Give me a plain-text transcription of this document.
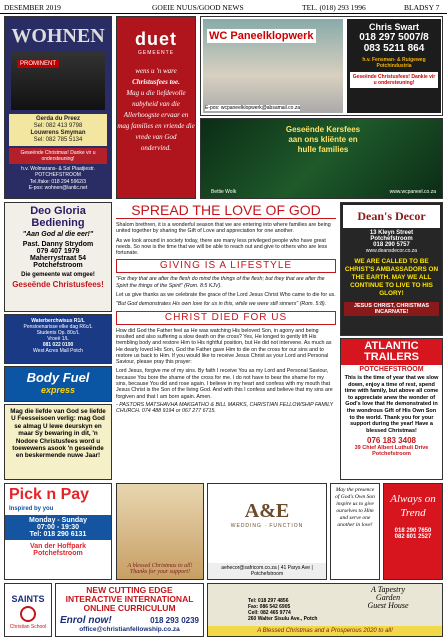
DESEMBER 2019	GOEIE NUUS/GOOD NEWS	TEL. (018) 293 1996	BLADSY 7
WOHNEN
PROMINENT
Gerda du Preez
Sel: 082 413 9798
Louwrens Smyman
Sel: 082 785 5134
Geseënde Christmas! Danke vir u ondersteuning!
h.v. Wolmarans- & Sol Plaatjiestr. POTCHEFSTROOM
Tel./fake: 018 294 5962/3
E-pos: wohnen@lantic.net
duet
GEMEENTE
wens u 'n ware
Christusfees toe.
Mag u die liefdevolle
nabyheid van die
Allerhoogste ervaar en
mag families en vriende die
vrede van God
ondervind.
WC Paneelklopwerk
E-pos: wcpaneelklopwerk@absamail.co.za
Chris Swart
018 297 5007/8
083 5211 864
h.v. Fensman- & Ruigeweg Potchindustria
Geseënde Christusfees! Dankie vir u ondersteuning!
Geseënde Kersfees aan ons kliënte en hulle families
Bettie Wolk	www.wcpaneel.co.za
Deo Gloria Bediening
"Aan God al die eer!"
Past. Danny Strydom
079 407 1979
Maherrystraat 54
Potchefstroom
Die gemeente wat omgee!
Geseënde Christusfees!
Waterberchwisus R1/L
Pensioenarisse elke dag R6c/L
Students Op. 80c/L
Vroeë 1/L
081 022 0190
West Acres Mall Potch
Body Fuel
express
Mag die liefde van God se liefde U Feesseisoen verlig: mag God se almag U lewe deurskyn en maar Sy bewaring in dit, 'n Nodore Christusfees word u toewewens asook 'n geseënde en beskermende nuwe Jaar!
SPREAD THE LOVE OF GOD

Shalom brethren, it is a wonderful season that we are entering into where families are being united together by sharing the Gift of Love and appreciation for one another.

As we look around in society today, there are many less privileged people who have great needs. So now is the time that we will be able to reach out and give to others who are less fortunate.

GIVING IS A LIFESTYLE

"For they that are after the flesh do mind the things of the flesh; but they that are after the Spirit the things of the Spirit" (Rom. 8:5 KJV).

Let us give thanks as we celebrate the grace of the Lord Jesus Christ Who came to die for us.

"But God demonstrates His own love for us in this, while we were still sinners" (Rom. 5:8).

CHRIST DIED FOR US

How did God the Father feel as He was watching His beloved Son, in agony and being insulted and also suffering a slow death on the cross? Yes, He longed to gently lift His trembling body and restore Him to His rightful position, but He did not intervene. As much as He dearly loved His Son, God the Father gave Him to die on the cross for our sins and to restore us back to Him. If you would like to receive Jesus Christ as your Lord and Personal Saviour, please pray this prayer:

Lord Jesus, forgive me of my sins. By faith I receive You as my Lord and Personal Saviour, because You bore the shame of the cross for me. I do not have to bear the shame for my sins, because You did and rose again. I believe in my heart and confess with my mouth that Jesus Christ is the Son of the living God. And with this I confess and believe that my sins are forgiven and that I am born again. Amen.

- PASTORS MATSHAVHA MAKGATHO & BILL MARKS, CHRISTIAN FELLOWSHIP FAMILY CHURCH. 074 488 9194 or 067 277 6715.

Dean's Decor
13 Kleyn Street
Potchefstroom
018 290 5757
www.deansdecor.co.za
WE ARE CALLED TO BE CHRIST'S AMBASSADORS ON THE EARTH. MAY WE ALL CONTINUE TO LIVE TO HIS GLORY!
JESUS CHRIST, CHRISTMAS INCARNATE!
ATLANTIC TRAILERS
POTCHEFSTROOM
This is the time of year that we slow down, enjoy a time of rest, spend time with family, but above all come to appreciate anew the wonder of God's love that He demonstrated in the wondrous Gift of His Own Son to the world. Thank you for your support during the year! Have a blessed Christmas!
076 183 3408
39 Chief Albert Luthuli Drive Potchefstroom
Pick n Pay
Inspired by you
Monday - Sunday
07:00 - 19:30
Tel: 018 290 6131
Van der Hoffpark
Potchefstroom
A blessed Christmas to all! Thanks for your support!
A&E
WEDDING · FUNCTION
aehecor@safricom.co.za | 41 Parys Ave | Potchefstroom
May the presence of God's Own Son inspire us to give ourselves to Him and serve one another in love!
Always on Trend
018 290 7650
082 801 2527
SAINTS
Christian School
NEW CUTTING EDGE
INTERACTIVE INTERNATIONAL
ONLINE CURRICULUM
Enrol now!	018 293 0239
office@christianfellowship.co.za
A Tapestry
Garden
Guest House
Tel: 018 297 4856
Fax: 086 542 6905
Cell: 082 465 9774
260 Walter Sisulu Ave., Potch
A Blessed Christmas and a Prosperous 2020 to all!
